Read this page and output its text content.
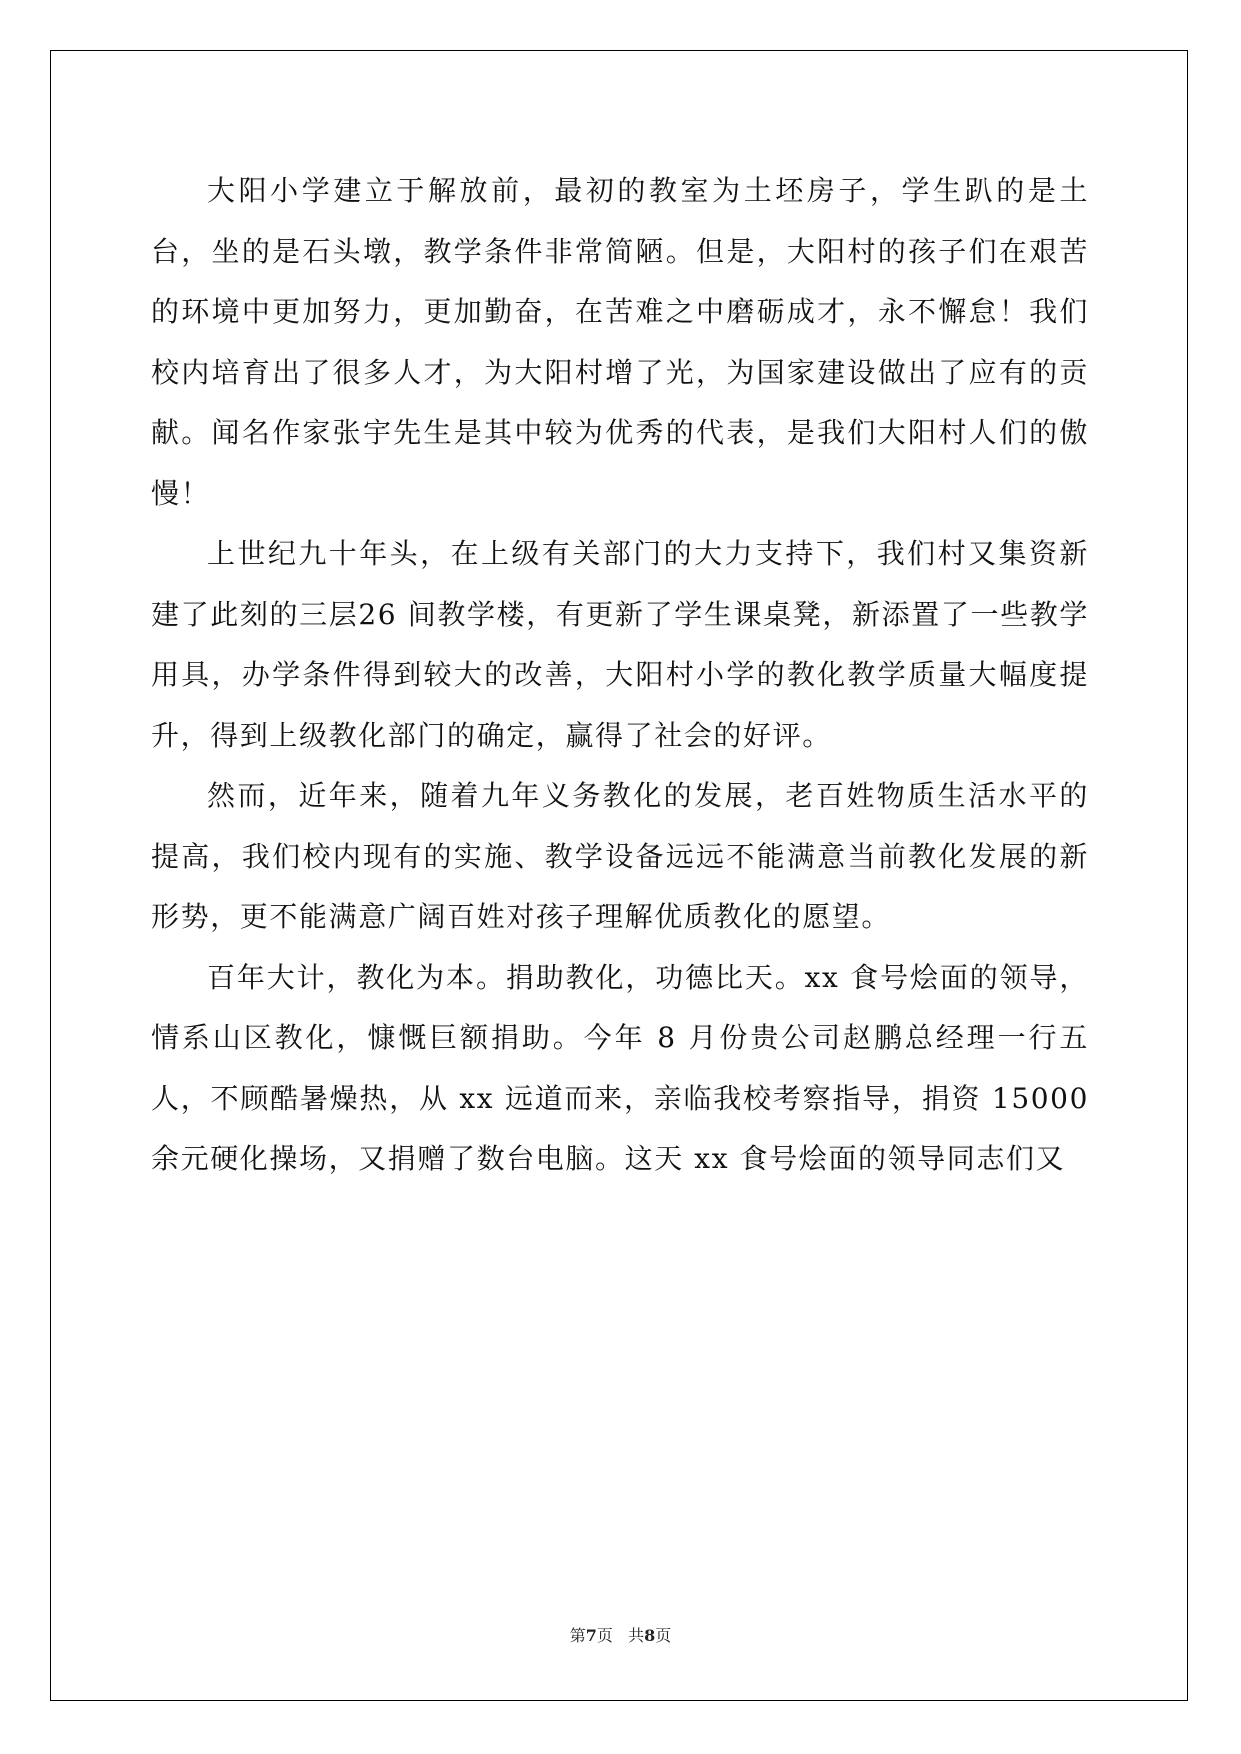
大阳小学建立于解放前，最初的教室为土坯房子，学生趴的是土台，坐的是石头墩，教学条件非常简陋。但是，大阳村的孩子们在艰苦的环境中更加努力，更加勤奋，在苦难之中磨砺成才，永不懈怠！我们校内培育出了很多人才，为大阳村增了光，为国家建设做出了应有的贡献。闻名作家张宇先生是其中较为优秀的代表，是我们大阳村人们的傲慢！

上世纪九十年头，在上级有关部门的大力支持下，我们村又集资新建了此刻的三层26 间教学楼，有更新了学生课桌凳，新添置了一些教学用具，办学条件得到较大的改善，大阳村小学的教化教学质量大幅度提升，得到上级教化部门的确定，赢得了社会的好评。

然而，近年来，随着九年义务教化的发展，老百姓物质生活水平的提高，我们校内现有的实施、教学设备远远不能满意当前教化发展的新形势，更不能满意广阔百姓对孩子理解优质教化的愿望。

百年大计，教化为本。捐助教化，功德比天。xx 食号烩面的领导，情系山区教化，慷慨巨额捐助。今年 8 月份贵公司赵鹏总经理一行五人，不顾酷暑燥热，从 xx 远道而来，亲临我校考察指导，捐资 15000余元硬化操场，又捐赠了数台电脑。这天 xx 食号烩面的领导同志们又

第7页   共8页
